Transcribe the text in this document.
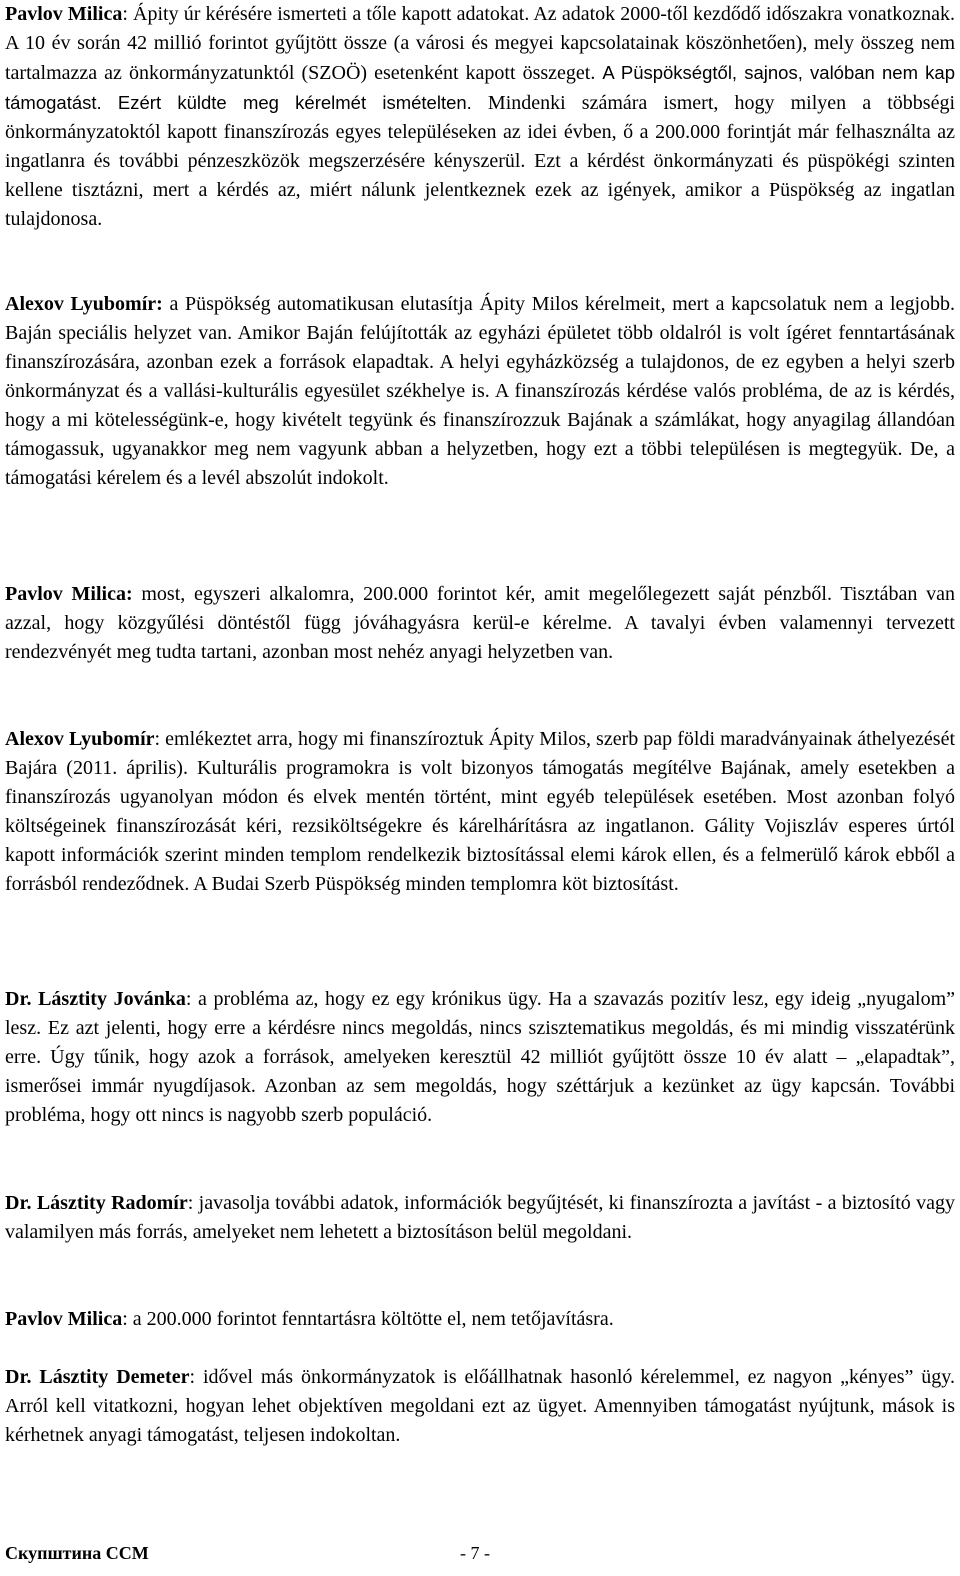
Pavlov Milica: Ápity úr kérésére ismerteti a tőle kapott adatokat. Az adatok 2000-től kezdődő időszakra vonatkoznak. A 10 év során 42 millió forintot gyűjtött össze (a városi és megyei kapcsolatainak köszönhetően), mely összeg nem tartalmazza az önkormányzatunktól (SZOÖ) esetenként kapott összeget. A Püspökségtől, sajnos, valóban nem kap támogatást. Ezért küldte meg kérelmét ismételten. Mindenki számára ismert, hogy milyen a többségi önkormányzatoktól kapott finanszírozás egyes településeken az idei évben, ő a 200.000 forintját már felhasználta az ingatlanra és további pénzeszközök megszerzésére kényszerül. Ezt a kérdést önkormányzati és püspökégi szinten kellene tisztázni, mert a kérdés az, miért nálunk jelentkeznek ezek az igények, amikor a Püspökség az ingatlan tulajdonosa.

Alexov Lyubomír: a Püspökség automatikusan elutasítja Ápity Milos kérelmeit, mert a kapcsolatuk nem a legjobb. Baján speciális helyzet van. Amikor Baján felújították az egyházi épületet több oldalról is volt ígéret fenntartásának finanszírozására, azonban ezek a források elapadtak. A helyi egyházközség a tulajdonos, de ez egyben a helyi szerb önkormányzat és a vallási-kulturális egyesület székhelye is. A finanszírozás kérdése valós probléma, de az is kérdés, hogy a mi kötelességünk-e, hogy kivételt tegyünk és finanszírozzuk Bajának a számlákat, hogy anyagilag állandóan támogassuk, ugyanakkor meg nem vagyunk abban a helyzetben, hogy ezt a többi településen is megtegyük. De, a támogatási kérelem és a levél abszolút indokolt.

Pavlov Milica: most, egyszeri alkalomra, 200.000 forintot kér, amit megelőlegezett saját pénzből. Tisztában van azzal, hogy közgyűlési döntéstől függ jóváhagyásra kerül-e kérelme. A tavalyi évben valamennyi tervezett rendezvényét meg tudta tartani, azonban most nehéz anyagi helyzetben van.

Alexov Lyubomír: emlékeztet arra, hogy mi finanszíroztuk Ápity Milos, szerb pap földi maradványainak áthelyezését Bajára (2011. április). Kulturális programokra is volt bizonyos támogatás megítélve Bajának, amely esetekben a finanszírozás ugyanolyan módon és elvek mentén történt, mint egyéb települések esetében. Most azonban folyó költségeinek finanszírozását kéri, rezsiköltségekre és kárelhárításra az ingatlanon. Gálity Vojiszláv esperes úrtól kapott információk szerint minden templom rendelkezik biztosítással elemi károk ellen, és a felmerülő károk ebből a forrásból rendeződnek. A Budai Szerb Püspökség minden templomra köt biztosítást.

Dr. Lásztity Jovánka: a probléma az, hogy ez egy krónikus ügy. Ha a szavazás pozitív lesz, egy ideig „nyugalom” lesz. Ez azt jelenti, hogy erre a kérdésre nincs megoldás, nincs szisztematikus megoldás, és mi mindig visszatérünk erre. Úgy tűnik, hogy azok a források, amelyeken keresztül 42 milliót gyűjtött össze 10 év alatt – „elapadtak”, ismerősei immár nyugdíjasok. Azonban az sem megoldás, hogy széttárjuk a kezünket az ügy kapcsán. További probléma, hogy ott nincs is nagyobb szerb populáció.

Dr. Lásztity Radomír: javasolja további adatok, információk begyűjtését, ki finanszírozta a javítást - a biztosító vagy valamilyen más forrás, amelyeket nem lehetett a biztosításon belül megoldani.

Pavlov Milica: a 200.000 forintot fenntartásra költötte el, nem tetőjavításra.

Dr. Lásztity Demeter: idővel más önkormányzatok is előállhatnak hasonló kérelemmel, ez nagyon „kényes” ügy. Arról kell vitatkozni, hogyan lehet objektíven megoldani ezt az ügyet. Amennyiben támogatást nyújtunk, mások is kérhetnek anyagi támogatást, teljesen indokoltan.

Скупштина ССМ	- 7 -
